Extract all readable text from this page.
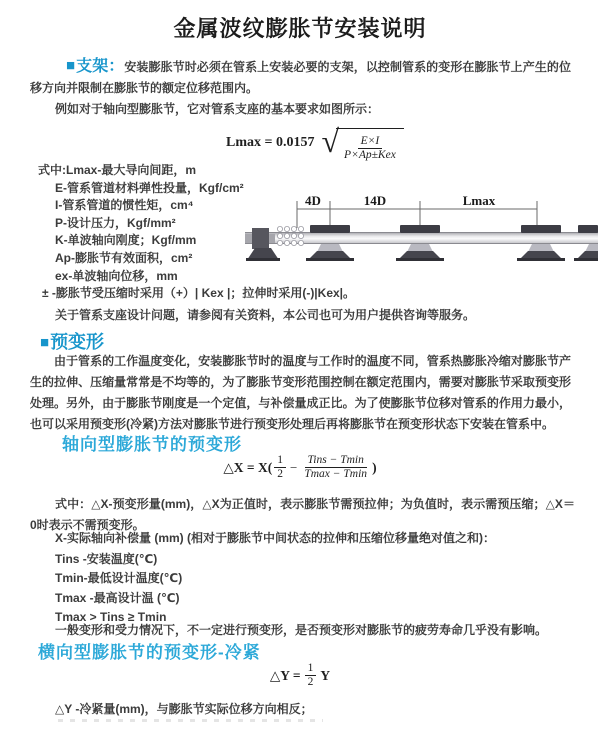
金属波纹膨胀节安装说明

■支架：安装膨胀节时必须在管系上安装必要的支架，以控制管系的变形在膨胀节上产生的位移方向并限制在膨胀节的额定位移范围内。

例如对于轴向型膨胀节，它对管系支座的基本要求如图所示：
Lmax = 0.0157 √ $\frac{E\times I}{\text{P×Ap±Kex}}$
式中:Lmax-最大导向间距，m
E-管系管道材料弹性投量，Kgf/cm²
I-管系管道的惯性矩，cm⁴
P-设计压力，Kgf/mm²
K-单波轴向刚度；Kgf/mm
Ap-膨胀节有效面积，cm²
ex-单波轴向位移，mm
± -膨胀节受压缩时采用（+）| Kex |；拉伸时采用(-)|Kex|。
关于管系支座设计问题，请参阅有关资料，本公司也可为用户提供咨询等服务。
4D	14D	Lmax
■预变形

由于管系的工作温度变化，安装膨胀节时的温度与工作时的温度不同，管系热膨胀冷缩对膨胀节产生的拉伸、压缩量常常是不均等的，为了膨胀节变形范围控制在额定范围内，需要对膨胀节采取预变形处理。另外，由于膨胀节刚度是一个定值，与补偿量成正比。为了使膨胀节位移对管系的作用力最小，也可以采用预变形(冷紧)方法对膨胀节进行预变形处理后再将膨胀节在预变形状态下安装在管系中。

轴向型膨胀节的预变形
△X = $X( \frac{1}{2} - \frac{\text{Tins − Tmin}}{Tmax - Tmin}$ )

式中：△X-预变形量(mm)，△X为正值时，表示膨胀节需预拉伸；为负值时，表示需预压缩；△X＝0时表示不需预变形。

X-实际轴向补偿量 (mm) (相对于膨胀节中间状态的拉伸和压缩位移量绝对值之和)：
Tins -安装温度(℃)
Tmin-最低设计温度(℃)
Tmax -最高设计温 (℃)
Tmax > Tins ≥ Tmin
一般变形和受力情况下，不一定进行预变形，是否预变形对膨胀节的疲劳寿命几乎没有影响。
横向型膨胀节的预变形-冷紧
△Y = $\frac{1}{2}$ Y
△Y -冷紧量(mm)，与膨胀节实际位移方向相反；
